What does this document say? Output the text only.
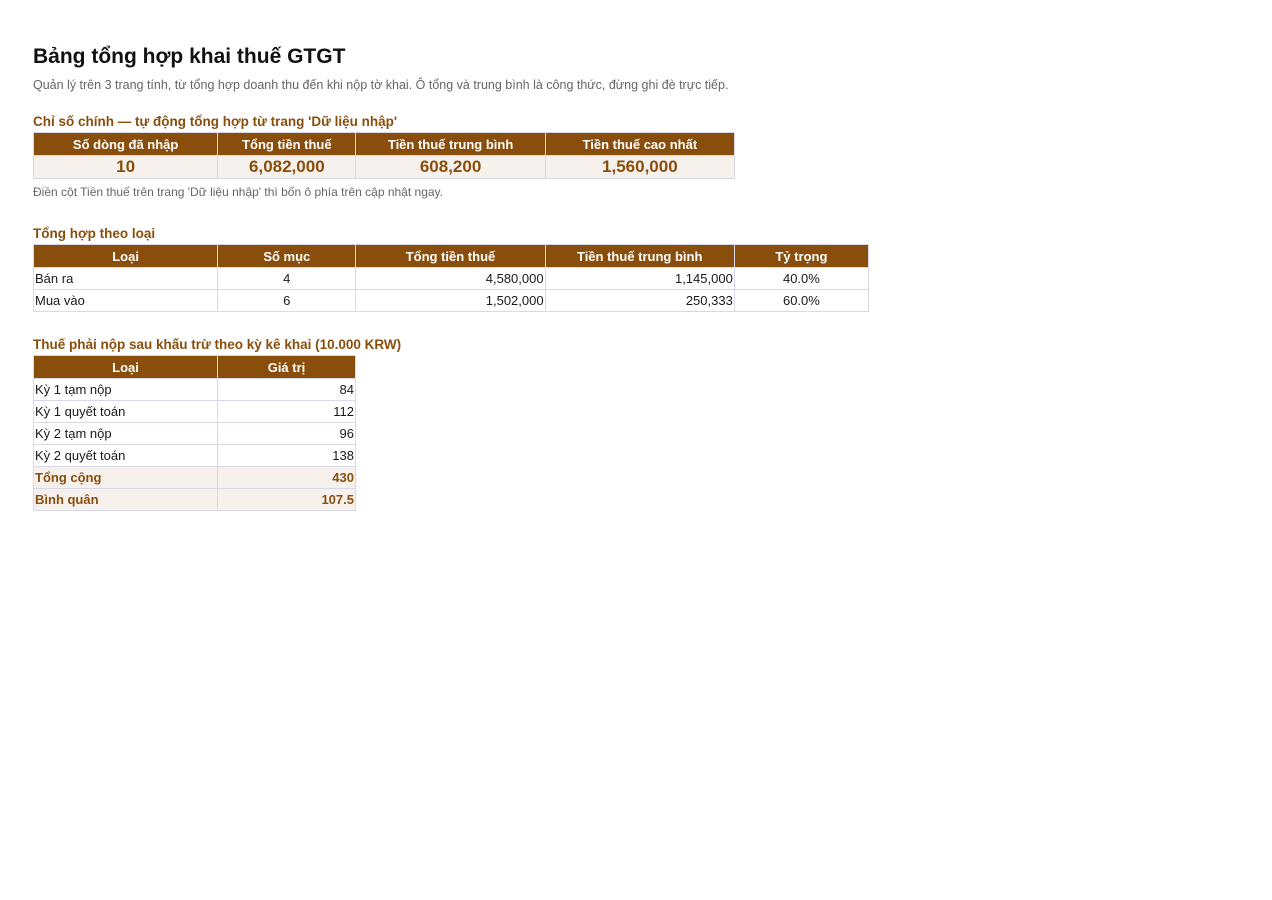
Bảng tổng hợp khai thuế GTGT
Quản lý trên 3 trang tính, từ tổng hợp doanh thu đến khi nộp tờ khai. Ô tổng và trung bình là công thức, đừng ghi đè trực tiếp.
Chỉ số chính — tự động tổng hợp từ trang 'Dữ liệu nhập'
Số dòng đã nhập	Tổng tiền thuế	Tiền thuế trung bình	Tiền thuế cao nhất
10	6,082,000	608,200	1,560,000
Điền cột Tiền thuế trên trang 'Dữ liệu nhập' thì bốn ô phía trên cập nhật ngay.
Tổng hợp theo loại
Loại	Số mục	Tổng tiền thuế	Tiền thuế trung bình	Tỷ trọng
Bán ra	4	4,580,000	1,145,000	40.0%
Mua vào	6	1,502,000	250,333	60.0%
Thuế phải nộp sau khấu trừ theo kỳ kê khai (10.000 KRW)
Loại	Giá trị
Kỳ 1 tạm nộp	84
Kỳ 1 quyết toán	112
Kỳ 2 tạm nộp	96
Kỳ 2 quyết toán	138
Tổng cộng	430
Bình quân	107.5
